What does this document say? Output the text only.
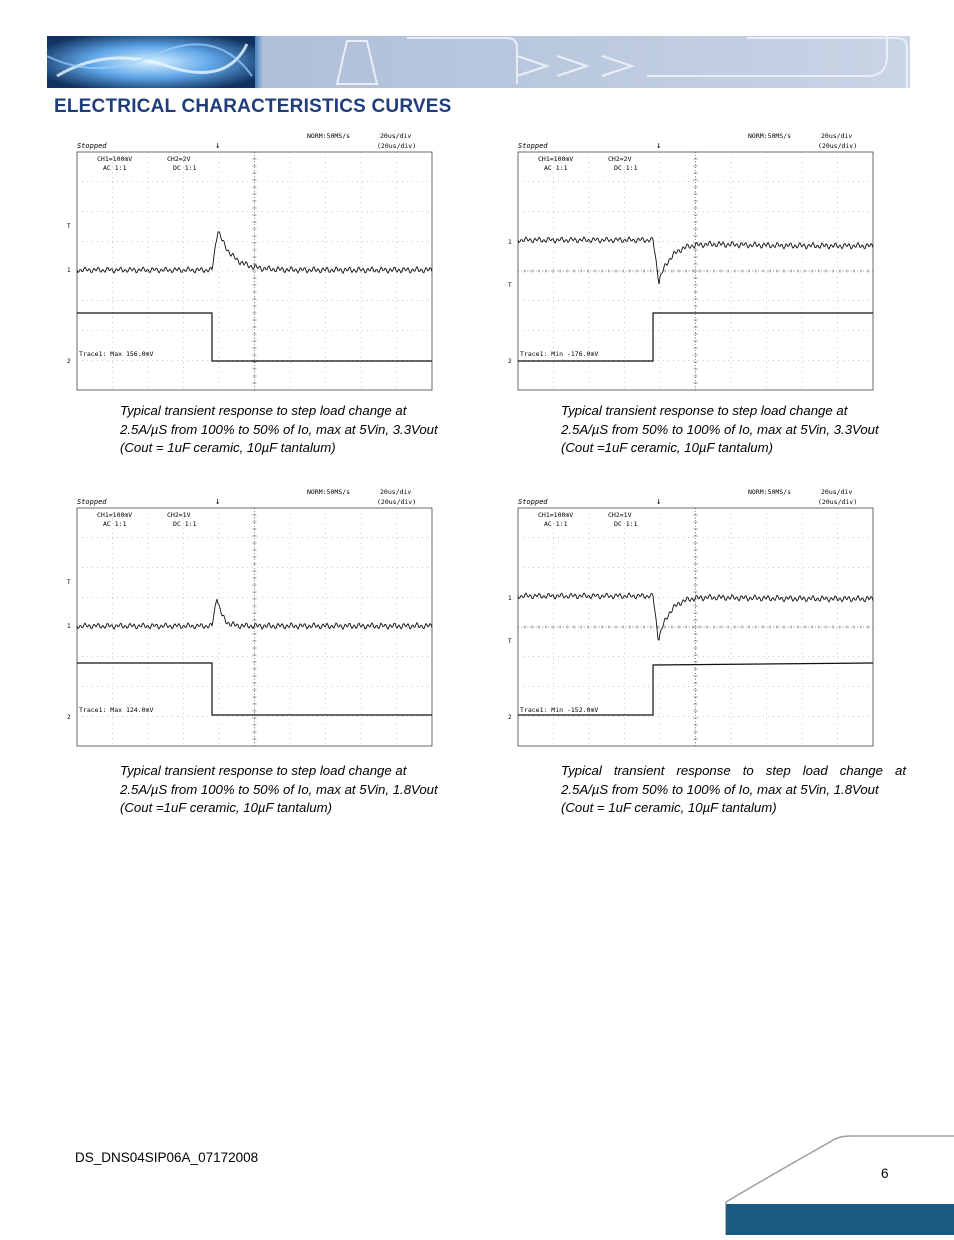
ELECTRICAL CHARACTERISTICS CURVES
Stopped
NORM:50MS/s	20us/div
(20us/div)
↓
CH1=100mV	CH2=2V
AC 1:1	DC 1:1
Trace1: Max 156.0mV
T
1
2

Typical transient response to step load change at

2.5A/µS from 100% to 50% of Io, max at 5Vin, 3.3Vout

(Cout = 1uF ceramic, 10µF tantalum)

Stopped
NORM:50MS/s	20us/div
(20us/div)
↓
CH1=100mV	CH2=2V
AC 1:1	DC 1:1
Trace1: Min -176.0mV
1
T
2

Typical transient response to step load change at

2.5A/µS from 50% to 100% of Io, max at 5Vin, 3.3Vout

(Cout =1uF ceramic, 10µF tantalum)

Stopped
NORM:50MS/s	20us/div
(20us/div)
↓
CH1=100mV	CH2=1V
AC 1:1	DC 1:1
Trace1: Max 124.0mV
T
1
2

Typical transient response to step load change at

2.5A/µS from 100% to 50% of Io, max at 5Vin, 1.8Vout

(Cout =1uF ceramic, 10µF tantalum)

Stopped
NORM:50MS/s	20us/div
(20us/div)
↓
CH1=100mV	CH2=1V
AC 1:1	DC 1:1
Trace1: Min -152.0mV
1
T
2

Typical transient response to step load change at

2.5A/µS from 50% to 100% of Io, max at 5Vin, 1.8Vout

(Cout = 1uF ceramic, 10µF tantalum)

DS_DNS04SIP06A_07172008
6
